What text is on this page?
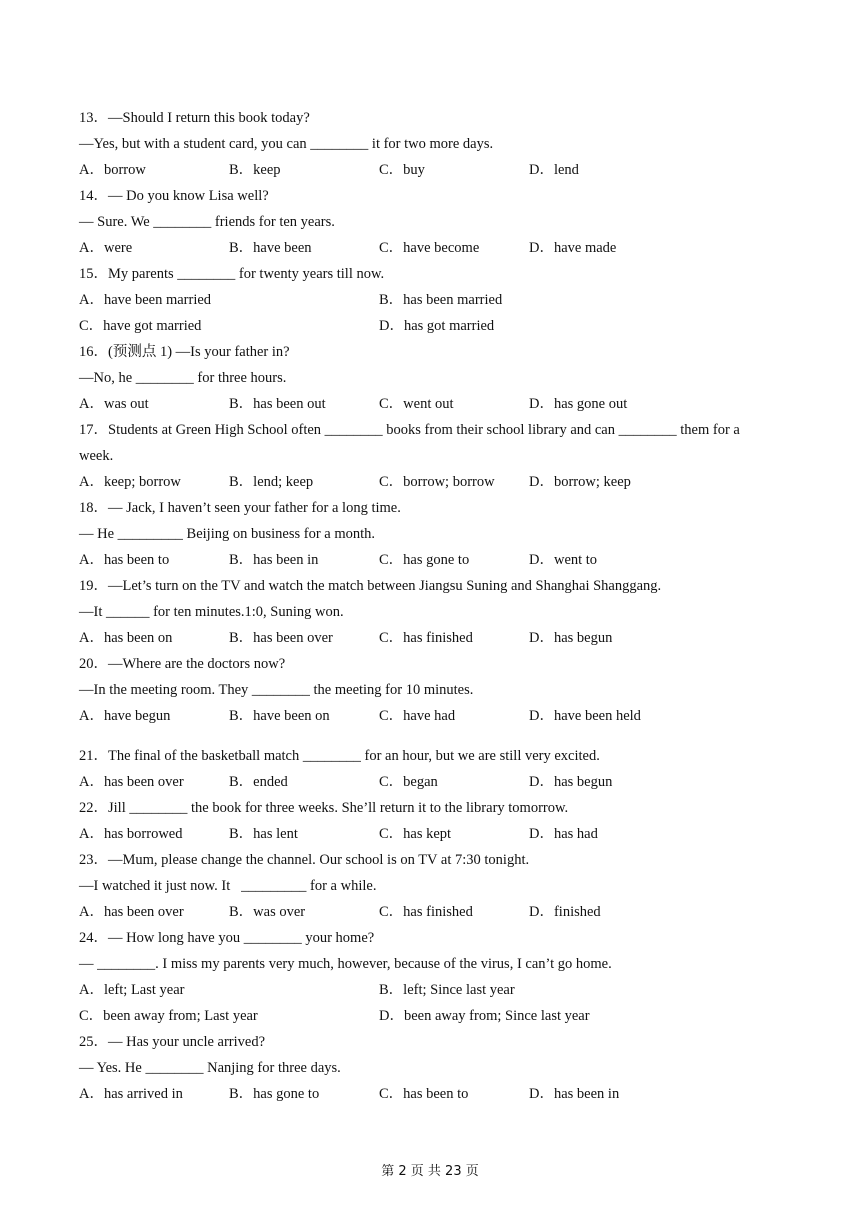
13．—Should I return this book today?
—Yes, but with a student card, you can ________ it for two more days.
A．borrow	B．keep	C．buy	D．lend
14．— Do you know Lisa well?
— Sure. We ________ friends for ten years.
A．were	B．have been	C．have become	D．have made
15．My parents ________ for twenty years till now.
A．have been married	B．has been married
C．have got married	D．has got married
16．(预测点 1) —Is your father in?
—No, he ________ for three hours.
A．was out	B．has been out	C．went out	D．has gone out
17．Students at Green High School often ________ books from their school library and can ________ them for a
week.
A．keep; borrow	B．lend; keep	C．borrow; borrow D．borrow; keep
18．— Jack, I haven’t seen your father for a long time.
— He _________ Beijing on business for a month.
A．has been to	B．has been in	C．has gone to	D．went to
19．—Let’s turn on the TV and watch the match between Jiangsu Suning and Shanghai Shanggang.
—It ______ for ten minutes.1:0, Suning won.
A．has been on	B．has been over	C．has finished	D．has begun
20．—Where are the doctors now?
—In the meeting room. They ________ the meeting for 10 minutes.
A．have begun	B．have been on	C．have had	D．have been held
21．The final of the basketball match ________ for an hour, but we are still very excited.
A．has been over	B．ended	C．began	D．has begun
22．Jill ________ the book for three weeks. She’ll return it to the library tomorrow.
A．has borrowed	B．has lent	C．has kept	D．has had
23．—Mum, please change the channel. Our school is on TV at 7:30 tonight.
—I watched it just now. It   _________ for a while.
A．has been over	B．was over	C．has finished	D．finished
24．— How long have you ________ your home?
— ________. I miss my parents very much, however, because of the virus, I can’t go home.
A．left; Last year	B．left; Since last year
C．been away from; Last year	D．been away from; Since last year
25．— Has your uncle arrived?
— Yes. He ________ Nanjing for three days.
A．has arrived in	B．has gone to	C．has been to	D．has been in
第 2 页 共 23 页
